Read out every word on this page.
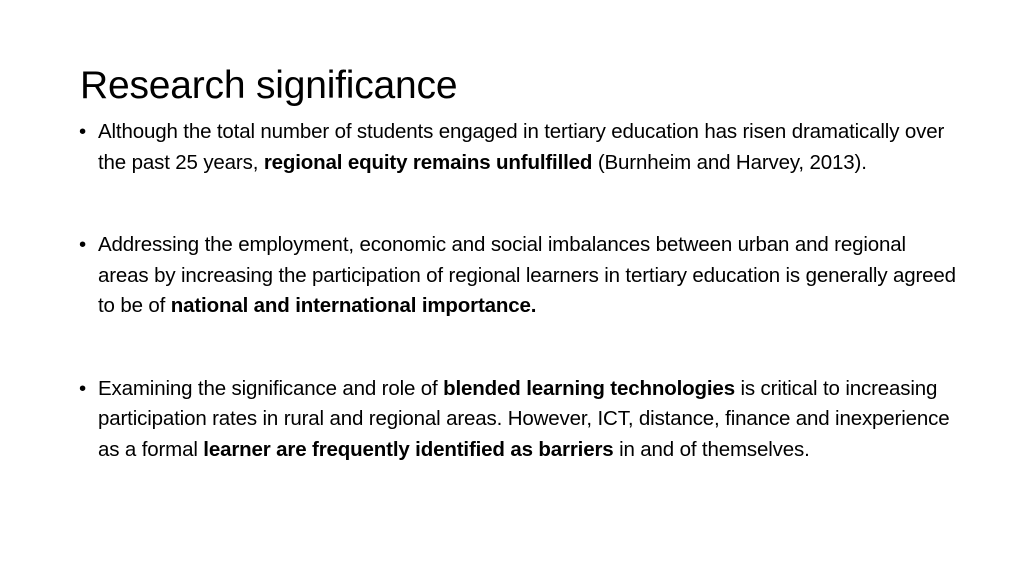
Research significance
• Although the total number of students engaged in tertiary education has risen dramatically over the past 25 years, regional equity remains unfulfilled (Burnheim and Harvey, 2013).
• Addressing the employment, economic and social imbalances between urban and regional areas by increasing the participation of regional learners in tertiary education is generally agreed to be of national and international importance.
• Examining the significance and role of blended learning technologies is critical to increasing participation rates in rural and regional areas. However, ICT, distance, finance and inexperience as a formal learner are frequently identified as barriers in and of themselves.
